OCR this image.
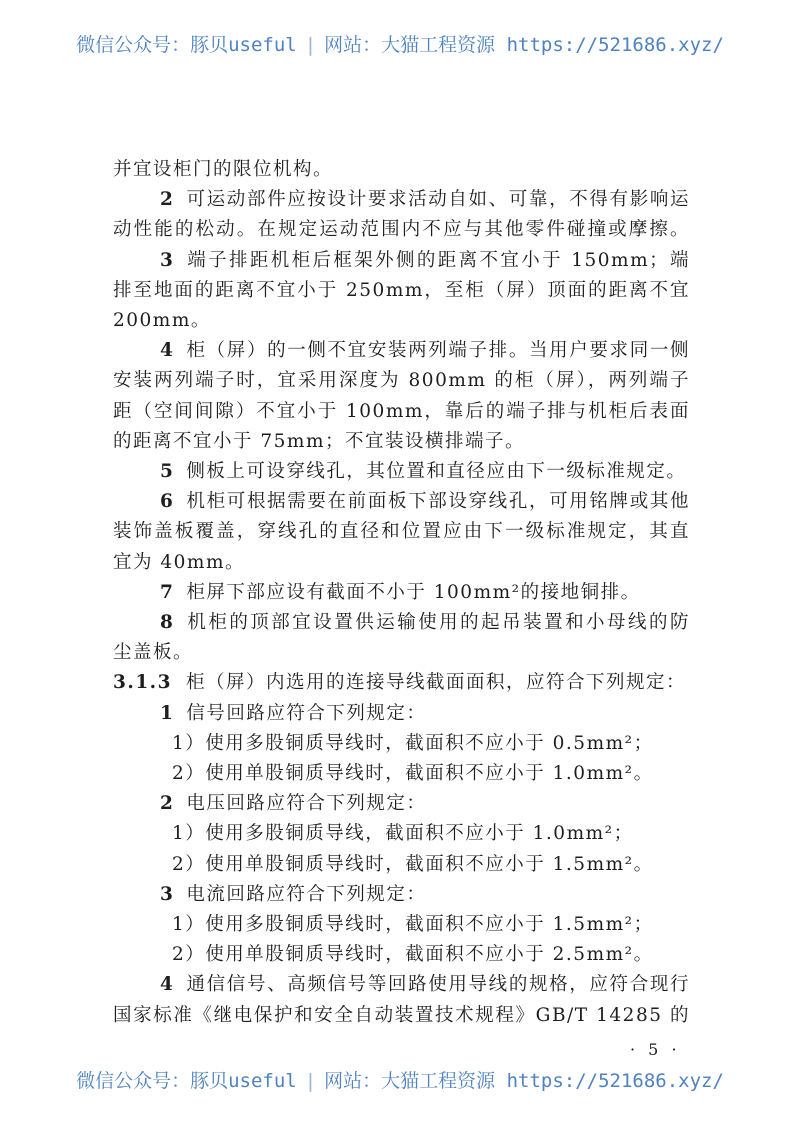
微信公众号：豚贝useful | 网站：大猫工程资源 https://521686.xyz/
并宜设柜门的限位机构。
2 可运动部件应按设计要求活动自如、可靠，不得有影响运
动性能的松动。在规定运动范围内不应与其他零件碰撞或摩擦。
3 端子排距机柜后框架外侧的距离不宜小于 150mm；端
排至地面的距离不宜小于 250mm，至柜（屏）顶面的距离不宜
200mm。
4 柜（屏）的一侧不宜安装两列端子排。当用户要求同一侧
安装两列端子时，宜采用深度为 800mm 的柜（屏），两列端子
距（空间间隙）不宜小于 100mm，靠后的端子排与机柜后表面
的距离不宜小于 75mm；不宜装设横排端子。
5 侧板上可设穿线孔，其位置和直径应由下一级标准规定。
6 机柜可根据需要在前面板下部设穿线孔，可用铭牌或其他
装饰盖板覆盖，穿线孔的直径和位置应由下一级标准规定，其直
宜为 40mm。
7 柜屏下部应设有截面不小于 100mm²的接地铜排。
8 机柜的顶部宜设置供运输使用的起吊装置和小母线的防
尘盖板。
3.1.3 柜（屏）内选用的连接导线截面面积，应符合下列规定：
1 信号回路应符合下列规定：
1）使用多股铜质导线时，截面积不应小于 0.5mm²；
2）使用单股铜质导线时，截面积不应小于 1.0mm²。
2 电压回路应符合下列规定：
1）使用多股铜质导线，截面积不应小于 1.0mm²；
2）使用单股铜质导线时，截面积不应小于 1.5mm²。
3 电流回路应符合下列规定：
1）使用多股铜质导线时，截面积不应小于 1.5mm²；
2）使用单股铜质导线时，截面积不应小于 2.5mm²。
4 通信信号、高频信号等回路使用导线的规格，应符合现行
国家标准《继电保护和安全自动装置技术规程》GB/T 14285 的
· 5 ·
微信公众号：豚贝useful | 网站：大猫工程资源 https://521686.xyz/
